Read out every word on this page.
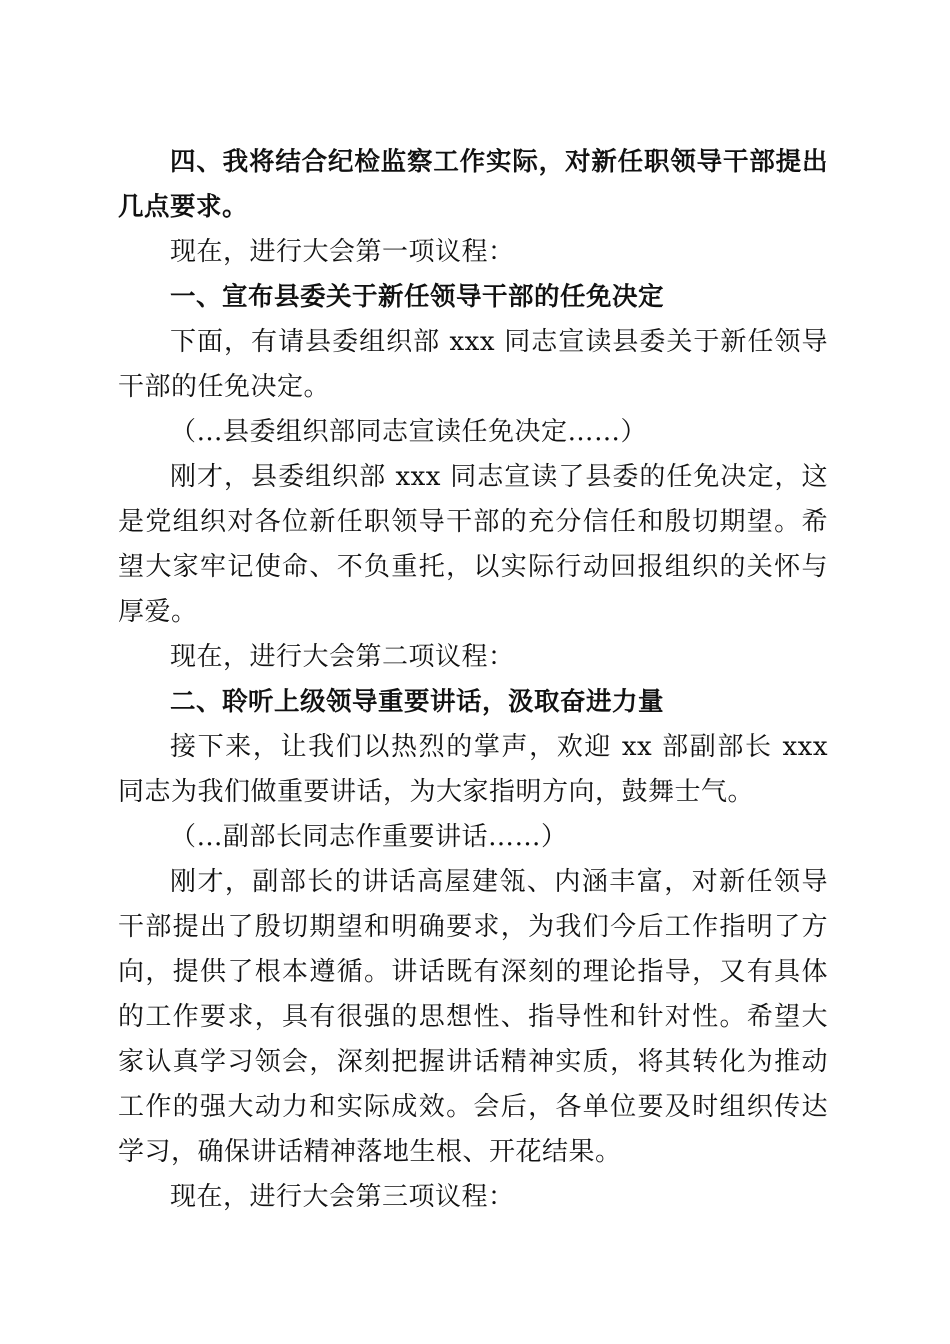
四、我将结合纪检监察工作实际，对新任职领导干部提出几点要求。

现在，进行大会第一项议程：

一、宣布县委关于新任领导干部的任免决定

下面，有请县委组织部 xxx 同志宣读县委关于新任领导干部的任免决定。

（…县委组织部同志宣读任免决定……）

刚才，县委组织部 xxx 同志宣读了县委的任免决定，这是党组织对各位新任职领导干部的充分信任和殷切期望。希望大家牢记使命、不负重托，以实际行动回报组织的关怀与厚爱。

现在，进行大会第二项议程：

二、聆听上级领导重要讲话，汲取奋进力量

接下来，让我们以热烈的掌声，欢迎 xx 部副部长 xxx 同志为我们做重要讲话，为大家指明方向，鼓舞士气。

（…副部长同志作重要讲话……）

刚才，副部长的讲话高屋建瓴、内涵丰富，对新任领导干部提出了殷切期望和明确要求，为我们今后工作指明了方向，提供了根本遵循。讲话既有深刻的理论指导，又有具体的工作要求，具有很强的思想性、指导性和针对性。希望大家认真学习领会，深刻把握讲话精神实质，将其转化为推动工作的强大动力和实际成效。会后，各单位要及时组织传达学习，确保讲话精神落地生根、开花结果。

现在，进行大会第三项议程：
